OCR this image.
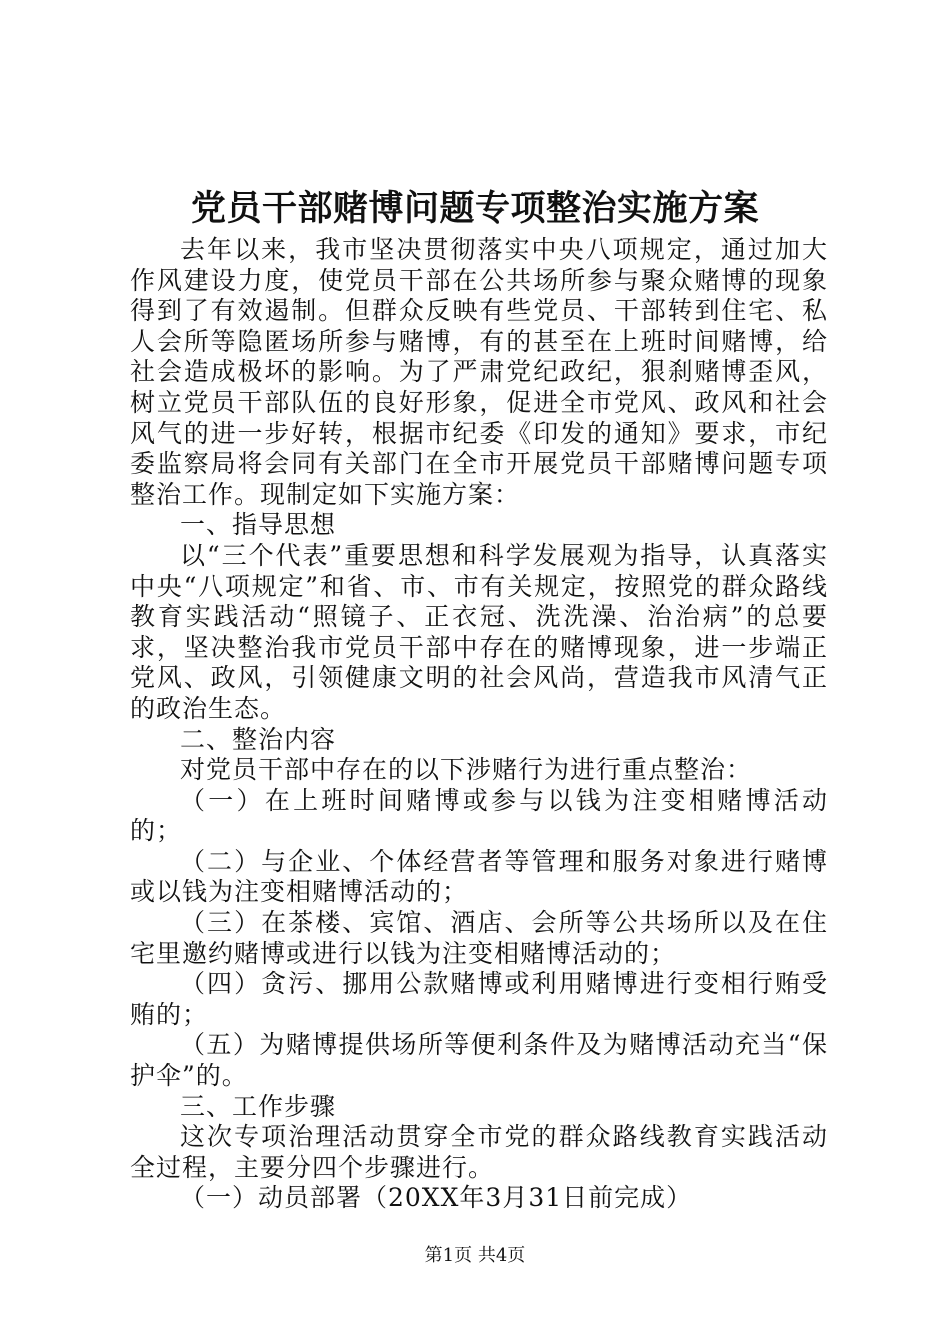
党员干部赌博问题专项整治实施方案

去年以来，我市坚决贯彻落实中央八项规定，通过加大作风建设力度，使党员干部在公共场所参与聚众赌博的现象得到了有效遏制。但群众反映有些党员、干部转到住宅、私人会所等隐匿场所参与赌博，有的甚至在上班时间赌博，给社会造成极坏的影响。为了严肃党纪政纪，狠刹赌博歪风，树立党员干部队伍的良好形象，促进全市党风、政风和社会风气的进一步好转，根据市纪委《印发的通知》要求，市纪委监察局将会同有关部门在全市开展党员干部赌博问题专项整治工作。现制定如下实施方案：

一、指导思想

以“三个代表”重要思想和科学发展观为指导，认真落实中央“八项规定”和省、市、市有关规定，按照党的群众路线教育实践活动“照镜子、正衣冠、洗洗澡、治治病”的总要求，坚决整治我市党员干部中存在的赌博现象，进一步端正党风、政风，引领健康文明的社会风尚，营造我市风清气正的政治生态。

二、整治内容

对党员干部中存在的以下涉赌行为进行重点整治：

（一）在上班时间赌博或参与以钱为注变相赌博活动的；

（二）与企业、个体经营者等管理和服务对象进行赌博或以钱为注变相赌博活动的；

（三）在茶楼、宾馆、酒店、会所等公共场所以及在住宅里邀约赌博或进行以钱为注变相赌博活动的；

（四）贪污、挪用公款赌博或利用赌博进行变相行贿受贿的；

（五）为赌博提供场所等便利条件及为赌博活动充当“保护伞”的。

三、工作步骤

这次专项治理活动贯穿全市党的群众路线教育实践活动全过程，主要分四个步骤进行。

（一）动员部署（20XX年3月31日前完成）

第1页 共4页
